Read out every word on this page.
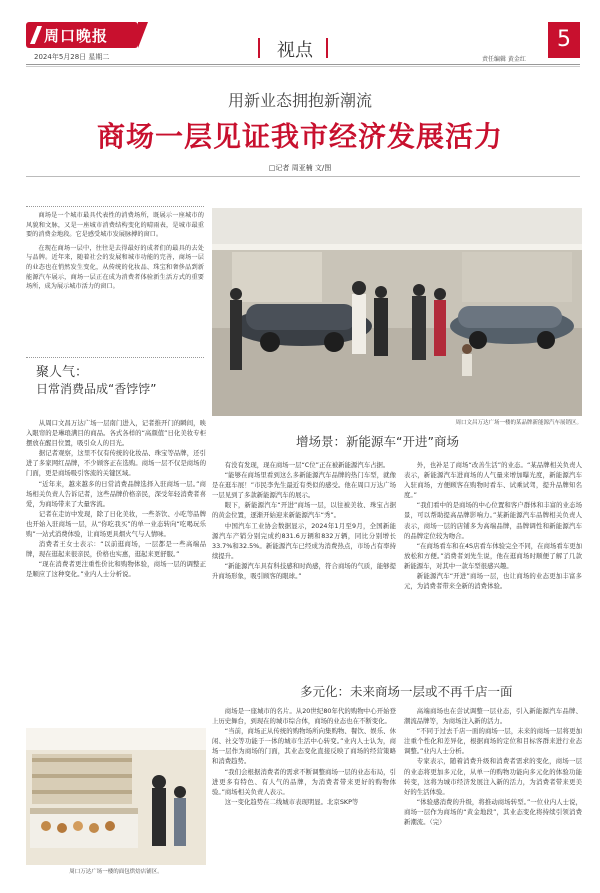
周口晚报
2024年5月28日 星期二	视点	责任编辑 黄金红
5
用新业态拥抱新潮流
商场一层见证我市经济发展活力
□记者 周亚楠 文/图

商场是一个城市最具代表性的消费场所，既展示一座城市的风貌和文脉，又是一座城市消费结构变化的晴雨表，是城市最重要的消费金地段。它是感受城市发展脉搏的窗口。

在现在商场一层中，往往是去得最好的成者们的最具的去处与品牌。近年来，随着社会的发展和城市功能的完善，商场一层的业态也在悄然发生变化，从传统的化妆品、珠宝和奢侈品到新能源汽车展示，商场一层正在成为消费者体验新生活方式的重要场所，成为展示城市活力的窗口。

聚人气：
日常消费品成“香饽饽”

从周口文昌万达广场一层南门进入，记者推开门的瞬间，映入眼帘的是琳琅满目的商品。各式各样的“高颜值”日化美妆专柜摆放在醒目位置，吸引众人的目光。

据记者观察，这里不仅有传统的化妆品、珠宝等品牌，还引进了多家网红品牌，不少顾客正在选购。商场一层不仅是商场的门面，更是商场吸引客流的关键区域。

“近年来，越来越多的日常消费品牌选择入驻商场一层。”商场相关负责人告诉记者，这些品牌价格亲民，深受年轻消费者喜爱，为商场带来了大量客流。

记者在走访中发现，除了日化美妆，一些茶饮、小吃等品牌也开始入驻商场一层，从“你吃我买”的单一业态转向“吃喝玩乐购”一站式消费体验，让商场更具烟火气与人情味。

消费者王女士表示：“以前逛商场，一层都是一些高端品牌，现在逛起来很亲民，价格也实惠，逛起来更舒服。”

“现在消费者更注重性价比和购物体验，商场一层的调整正是顺应了这种变化。”业内人士分析说。

周口文昌万达广场一楼的某品牌新能源汽车展销区。
增场景：新能源车“开进”商场

有没有发现，现在商场一层“C位”正在被新能源汽车占据。

“能够在商场里看到这么多新能源汽车品牌的热门车型，就像是在逛车展！”市民李先生最近有类似的感受。他在周口万达广场一层见到了多款新能源汽车的展示。

眼下，新能源汽车“开进”商场一层，以往被美妆、珠宝占据的黄金位置，逐渐开始迎来新能源汽车“秀”。

中国汽车工业协会数据显示，2024年1月至9月，全国新能源汽车产销分别完成约831.6万辆和832万辆，同比分别增长33.7%和32.5%。新能源汽车已经成为消费热点，市场占有率持续提升。

“新能源汽车具有科技感和时尚感，符合商场的气质，能够提升商场形象，吸引顾客的眼球。”

外，也补足了商场“改善生活”的业态。“某品牌相关负责人表示，新能源汽车进商场的人气量来增加曝光度，新能源汽车入驻商场，方便顾客在购物时看车、试乘试驾，提升品牌知名度。”

“我们看中的是商场的中心位置和客户群体和丰富的业态场景，可以帮助提高品牌影响力。”某新能源汽车品牌相关负责人表示，商场一层的店铺多为高端品牌，品牌调性和新能源汽车的品牌定位较为吻合。

“在商场看车和在4S店看车体验完全不同，在商场看车更加放松和方便。”消费者刘先生说，他在逛商场时顺便了解了几款新能源车，对其中一款车型很感兴趣。

新能源汽车“开进”商场一层，也让商场的业态更加丰富多元，为消费者带来全新的消费体验。

多元化：未来商场一层或不再千店一面

商场是一座城市的名片。从20世纪80年代的购物中心开始登上历史舞台，到现在的城市综合体，商场的业态也在不断变化。

“当前，商场正从传统的购物场所向集购物、餐饮、娱乐、休闲、社交等功能于一体的城市生活中心转变。”业内人士认为，商场一层作为商场的门面，其业态变化直接反映了商场的经营策略和消费趋势。

“我们会根据消费者的需求不断调整商场一层的业态布局，引进更多有特色、有人气的品牌，为消费者带来更好的购物体验。”商场相关负责人表示。

这一变化趋势在二线城市表现明显。北京SKP等

高端商场也在尝试调整一层业态，引入新能源汽车品牌、潮流品牌等，为商场注入新的活力。

“不同于过去千店一面的商场一层，未来的商场一层将更加注重个性化和差异化，根据商场的定位和目标客群来进行业态调整。”业内人士分析。

专家表示，随着消费升级和消费者需求的变化，商场一层的业态将更加多元化，从单一的购物功能向多元化的体验功能转变，这将为城市经济发展注入新的活力，为消费者带来更美好的生活体验。

“体验感消费的升级，将推动商场转型。”一位业内人士说，商场一层作为商场的“黄金地段”，其业态变化将持续引领消费新潮流。（完）

周口万达广场一楼的面包烘焙店铺区。
